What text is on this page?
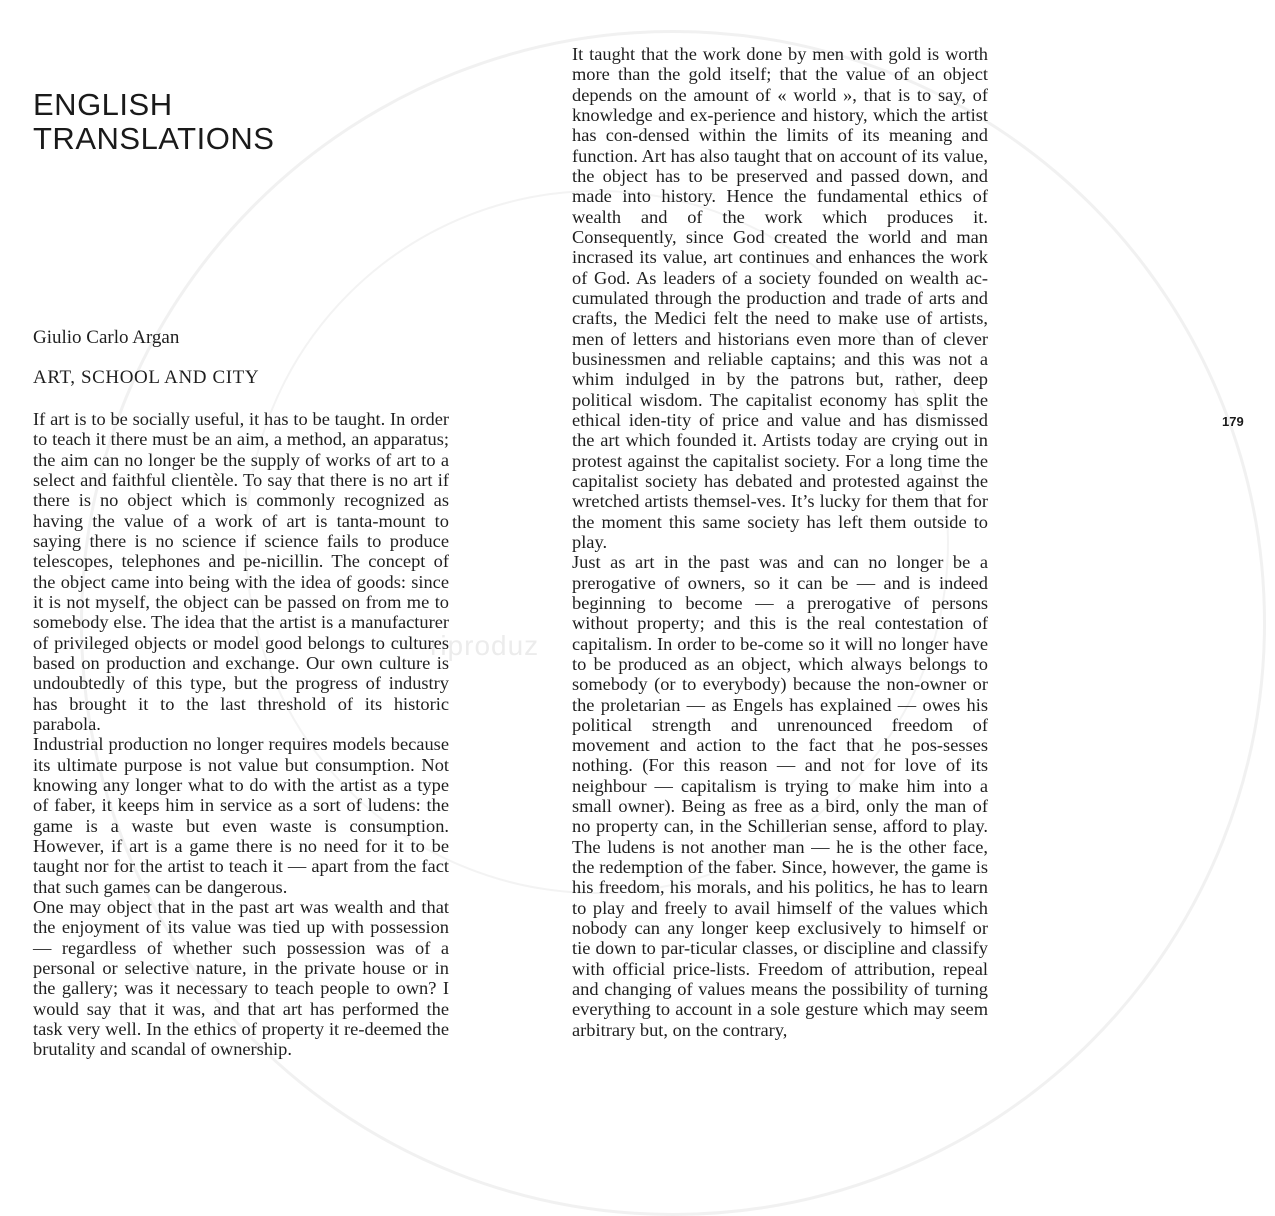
riproduz
ENGLISH
TRANSLATIONS

Giulio Carlo Argan

ART, SCHOOL AND CITY

If art is to be socially useful, it has to be taught. In order to teach it there must be an aim, a method, an apparatus; the aim can no longer be the supply of works of art to a select and faithful clientèle. To say that there is no art if there is no object which is commonly recognized as having the value of a work of art is tanta-mount to saying there is no science if science fails to produce telescopes, telephones and pe-nicillin. The concept of the object came into being with the idea of goods: since it is not myself, the object can be passed on from me to somebody else. The idea that the artist is a manufacturer of privileged objects or model good belongs to cultures based on production and exchange. Our own culture is undoubtedly of this type, but the progress of industry has brought it to the last threshold of its historic parabola.

Industrial production no longer requires models because its ultimate purpose is not value but consumption. Not knowing any longer what to do with the artist as a type of faber, it keeps him in service as a sort of ludens: the game is a waste but even waste is consumption. However, if art is a game there is no need for it to be taught nor for the artist to teach it — apart from the fact that such games can be dangerous.

One may object that in the past art was wealth and that the enjoyment of its value was tied up with possession — regardless of whether such possession was of a personal or selective nature, in the private house or in the gallery; was it necessary to teach people to own? I would say that it was, and that art has performed the task very well. In the ethics of property it re-deemed the brutality and scandal of ownership.

It taught that the work done by men with gold is worth more than the gold itself; that the value of an object depends on the amount of « world », that is to say, of knowledge and ex-perience and history, which the artist has con-densed within the limits of its meaning and function. Art has also taught that on account of its value, the object has to be preserved and passed down, and made into history. Hence the fundamental ethics of wealth and of the work which produces it. Consequently, since God created the world and man incrased its value, art continues and enhances the work of God. As leaders of a society founded on wealth ac-cumulated through the production and trade of arts and crafts, the Medici felt the need to make use of artists, men of letters and historians even more than of clever businessmen and reliable captains; and this was not a whim indulged in by the patrons but, rather, deep political wisdom. The capitalist economy has split the ethical iden-tity of price and value and has dismissed the art which founded it. Artists today are crying out in protest against the capitalist society. For a long time the capitalist society has debated and protested against the wretched artists themsel-ves. It’s lucky for them that for the moment this same society has left them outside to play.

Just as art in the past was and can no longer be a prerogative of owners, so it can be — and is indeed beginning to become — a prerogative of persons without property; and this is the real contestation of capitalism. In order to be-come so it will no longer have to be produced as an object, which always belongs to somebody (or to everybody) because the non-owner or the proletarian — as Engels has explained — owes his political strength and unrenounced freedom of movement and action to the fact that he pos-sesses nothing. (For this reason — and not for love of its neighbour — capitalism is trying to make him into a small owner). Being as free as a bird, only the man of no property can, in the Schillerian sense, afford to play. The ludens is not another man — he is the other face, the redemption of the faber. Since, however, the game is his freedom, his morals, and his politics, he has to learn to play and freely to avail himself of the values which nobody can any longer keep exclusively to himself or tie down to par-ticular classes, or discipline and classify with official price-lists. Freedom of attribution, repeal and changing of values means the possibility of turning everything to account in a sole gesture which may seem arbitrary but, on the contrary,

179
